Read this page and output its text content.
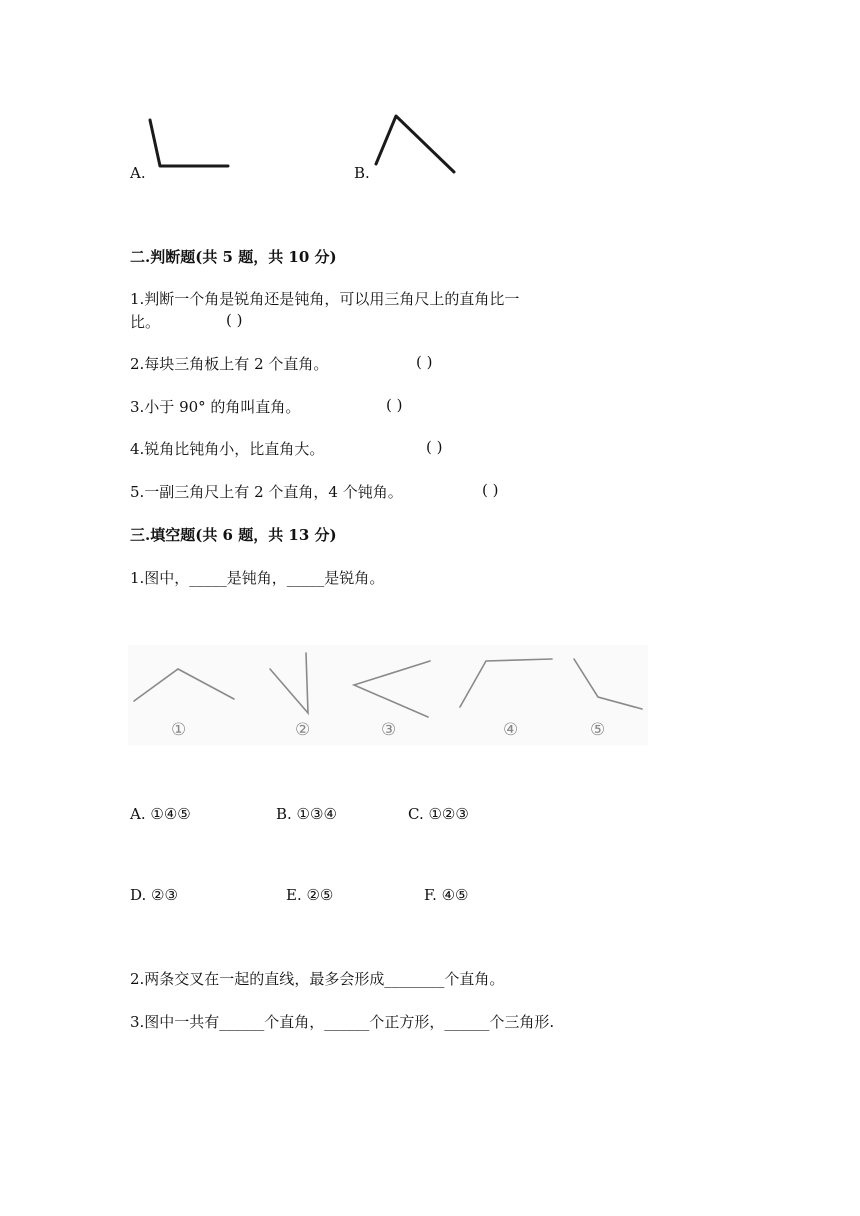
A.	B.
二.判断题(共 5 题，共 10 分)
1.判断一个角是锐角还是钝角，可以用三角尺上的直角比一
比。	( )
2.每块三角板上有 2 个直角。	( )
3.小于 90° 的角叫直角。	( )
4.锐角比钝角小，比直角大。	( )
5.一副三角尺上有 2 个直角，4 个钝角。	( )
三.填空题(共 6 题，共 13 分)
1.图中，_____是钝角，_____是锐角。
①	②	③	④	⑤
A. ①④⑤	B. ①③④	C. ①②③
D. ②③	E. ②⑤	F. ④⑤
2.两条交叉在一起的直线，最多会形成________个直角。
3.图中一共有______个直角，______个正方形，______个三角形.
